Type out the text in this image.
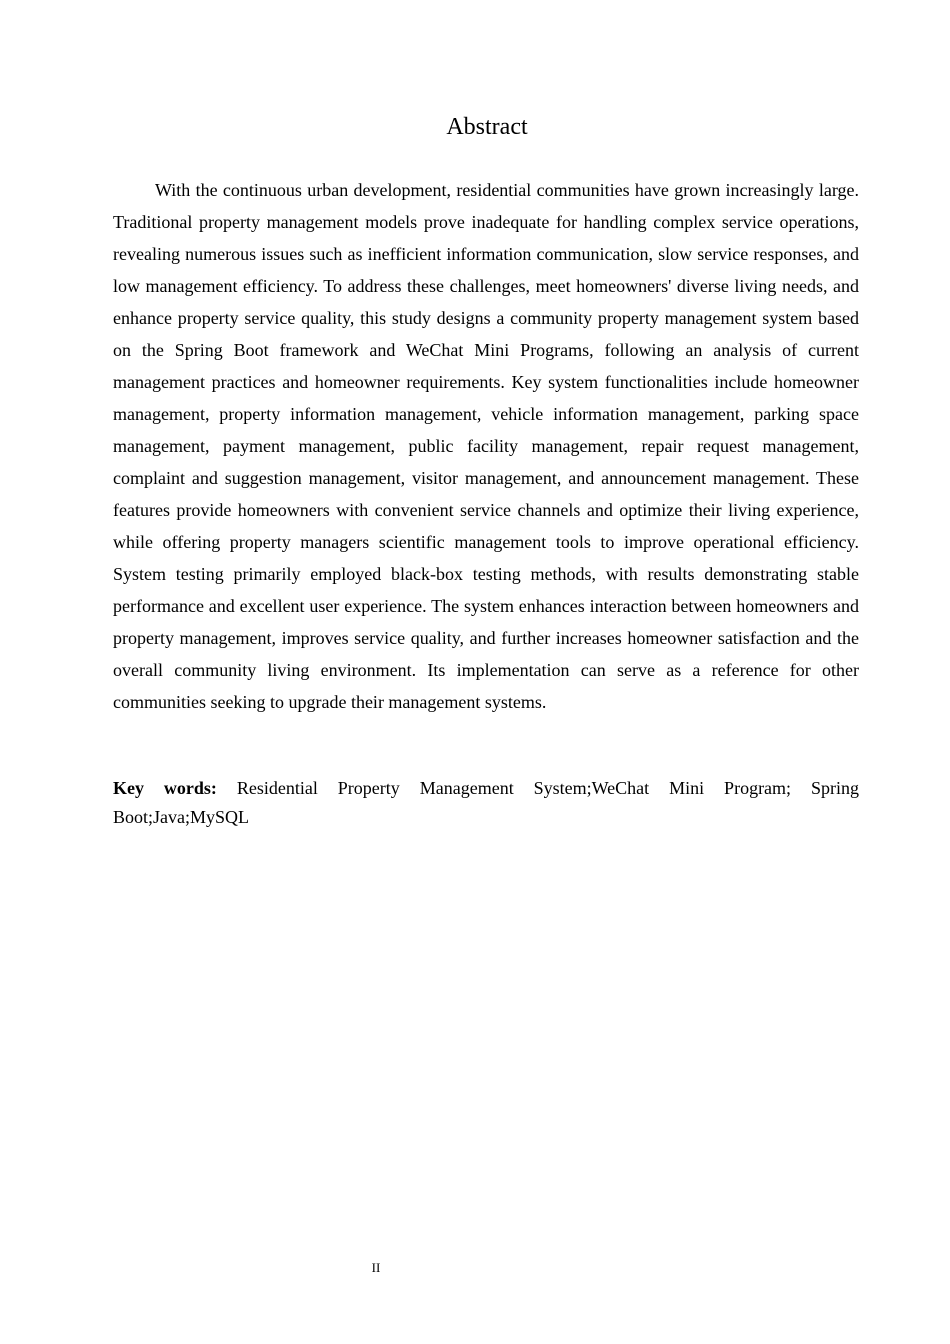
Abstract

With the continuous urban development, residential communities have grown increasingly large. Traditional property management models prove inadequate for handling complex service operations, revealing numerous issues such as inefficient information communication, slow service responses, and low management efficiency. To address these challenges, meet homeowners' diverse living needs, and enhance property service quality, this study designs a community property management system based on the Spring Boot framework and WeChat Mini Programs, following an analysis of current management practices and homeowner requirements. Key system functionalities include homeowner management, property information management, vehicle information management, parking space management, payment management, public facility management, repair request management, complaint and suggestion management, visitor management, and announcement management. These features provide homeowners with convenient service channels and optimize their living experience, while offering property managers scientific management tools to improve operational efficiency. System testing primarily employed black-box testing methods, with results demonstrating stable performance and excellent user experience. The system enhances interaction between homeowners and property management, improves service quality, and further increases homeowner satisfaction and the overall community living environment. Its implementation can serve as a reference for other communities seeking to upgrade their management systems.

Key words: Residential Property Management System;WeChat Mini Program; Spring Boot;Java;MySQL

II
